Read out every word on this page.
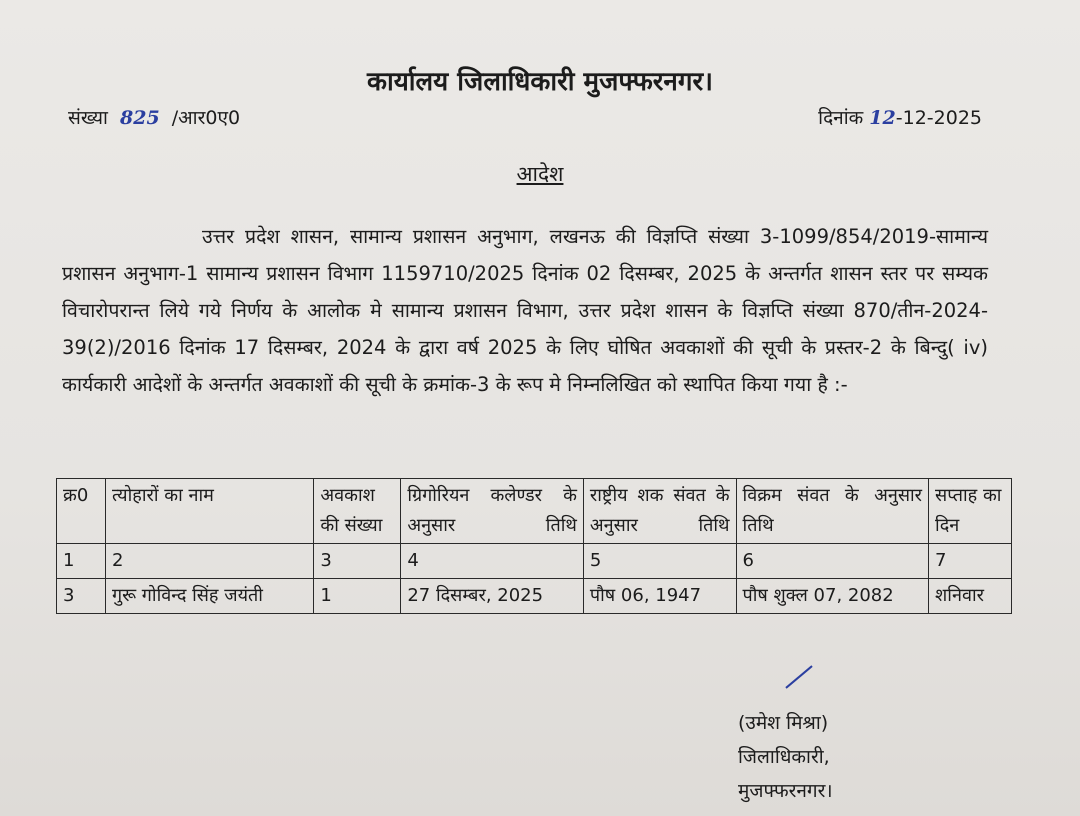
कार्यालय जिलाधिकारी मुजफ्फरनगर।
संख्या 825 /आर0ए0	दिनांक 12-12-2025
आदेश

उत्तर प्रदेश शासन, सामान्य प्रशासन अनुभाग, लखनऊ की विज्ञप्ति संख्या 3-1099/854/2019-सामान्य प्रशासन अनुभाग-1 सामान्य प्रशासन विभाग 1159710/2025 दिनांक 02 दिसम्बर, 2025 के अन्तर्गत शासन स्तर पर सम्यक विचारोपरान्त लिये गये निर्णय के आलोक मे सामान्य प्रशासन विभाग, उत्तर प्रदेश शासन के विज्ञप्ति संख्या 870/तीन-2024-39(2)/2016 दिनांक 17 दिसम्बर, 2024 के द्वारा वर्ष 2025 के लिए घोषित अवकाशों की सूची के प्रस्तर-2 के बिन्दु( iv) कार्यकारी आदेशों के अन्तर्गत अवकाशों की सूची के क्रमांक-3 के रूप मे निम्नलिखित को स्थापित किया गया है :-

क्र0	त्योहारों का नाम	अवकाश की संख्या	ग्रिगोरियन कलेण्डर के अनुसार तिथि	राष्ट्रीय शक संवत के अनुसार तिथि	विक्रम संवत के अनुसार तिथि	सप्ताह का दिन
1	2	3	4	5	6	7
3	गुरू गोविन्द सिंह जयंती	1	27 दिसम्बर, 2025	पौष 06, 1947	पौष शुक्ल 07, 2082	शनिवार
(उमेश मिश्रा)
जिलाधिकारी,
मुजफ्फरनगर।
